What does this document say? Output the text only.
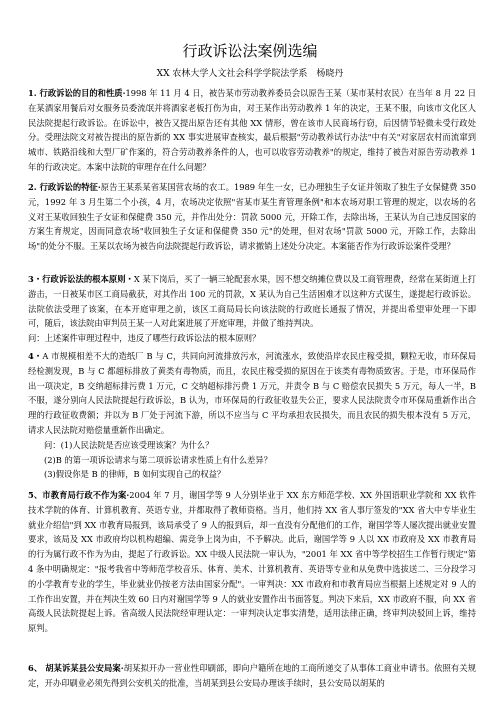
行政诉讼法案例选编
XX 农林大学人文社会科学学院法学系　杨晓丹
1. 行政诉讼的目的和性质·1998 年 11 月 4 日，被告某市劳动教养委员会以原告王某（某市某村农民）在当年 8 月 22 日在某酒家用餐后对女服务员委流氓并将酒家老板打伤为由，对王某作出劳动教养 1 年的决定，王某不服，向该市文化区人民法院提起行政诉讼。在诉讼中，被告又提出原告还有其他 XX 情形，曾在该市人民商场行窃，后因情节轻微未受行政处分。受理法院文对被告提出的原告新的 XX 事实进展审查核实，最后根据"劳动教养试行办法"中有关"对家居农村而流窜到城市、铁路沿线和大型厂矿作案的，符合劳动教养条件的人，也可以收容劳动教养"的规定，维持了被告对原告劳动教养 1 年的行政决定。本案中法院的审理存在什么问题？
2. 行政诉讼的特征·原告王某系某省某国营农场的农工。1989 年生一女，已办理独生子女证并领取了独生子女保健费 350 元，1992 年 3 月生第二个小孩，4 月，农场决定依照"省某市某生育管理条例"和本农场对职工管理的规定，以农场的名义对王某收回独生子女证和保健费 350 元，并作出处分：罚款 5000 元，开除工作，去除出场，王某认为自己违反国家的方案生育规定，因而同意农场"收回独生子女证和保健费 350 元"的处理，但对农场"罚款 5000 元，开除工作，去除出场"的处分不服。王某以农场为被告向法院提起行政诉讼，请求撤销上述处分决定。本案能否作为行政诉讼案件受理？
3・行政诉讼法的根本原则・X 某下岗后，买了一辆三轮配套水果，因不想交纳摊位费以及工商管理费，经常在某街道上打游击，一日被某市区工商局截获，对其作出 100 元的罚款，X 某认为自己生活困难才以这种方式谋生，遂提起行政诉讼。法院依法受理了该案，在本开庭审理之前，该区工商局局长向该法院的行政庭长通报了情况，并提出希望审处理一下即可，随后，该法院由审判员王某一人对此案进展了开庭审理，并做了维持判决。
问：上述案件审理过程中，违反了哪些行政诉讼法的根本原则？
4・A 市规模相差不大的造纸厂 B 与 C，共同向河流排放污水，河流涨水，致使沿岸农民庄稼受损，颗粒无收，市环保局经检测发现，B 与 C 都超标排放了黄类有毒物质，而且，农民庄稼受损的原因在于该类有毒物质致害。于是，市环保局作出一项决定，B 交纳超标排污费 1 万元，C 交纳超标排污费 1 万元，并责令 B 与 C 赔偿农民损失 5 万元，每人一半，B 不服，遂分别向人民法院提起行政诉讼，B 认为，市环保局的行政征收显失公正，要求人民法院责令市环保局重新作出合理的行政征收费额；并以为 B 厂处于河流下游，所以不应当与 C 平均承担农民损失，而且农民的损失根本没有 5 万元，请求人民法院对赔偿量重新作出确定。
问：(1)人民法院是否应该受理该案？为什么？
(2)B 的第一项诉讼请求与第二项诉讼请求性质上有什么差异？
(3)假设你是 B 的律师，B 如何实现自己的权益？
5、市教育局行政不作为案·2004 年 7 月，谢国学等 9 人分别毕业于 XX 东方师范学校、XX 外国语职业学院和 XX 软件技术学院的体育、计算机教育、英语专业，并都取得了教师资格。当月，他们持 XX 省人事厅签发的"XX 省大中专毕业生就业介绍信"到 XX 市教育局报到，该局承受了 9 人的报到后，却一直没有分配他们的工作，谢国学等人屡次提出就业安置要求，该局及 XX 市政府均以机构超编、需竞争上岗为由，不予解决。此后，谢国学等 9 人以 XX 市政府及 XX 市教育局的行为属行政不作为为由，提起了行政诉讼。XX 中级人民法院一审认为，"2001 年 XX 省中等学校招生工作暂行规定"第 4 条中明确规定："报考我省中等师范学校音乐、体育、美术、计算机教育、英语等专业和从免费中选拔送二、三分段学习的小学教育专业的学生，毕业就业仍按老方法由国家分配"。一审判决：XX 市政府和市教育局应当根据上述规定对 9 人的工作作出安置，并在判决生效 60 日内对谢国学等 9 人的就业安置作出书面答复。判决下来后，XX 市政府不服，向 XX 省高级人民法院提起上诉。省高级人民法院经审理认定：一审判决认定事实清楚，适用法律正确，终审判决驳回上诉，维持原判。
6、 胡某诉某县公安局案·胡某拟开办一营业性印刷部，即向户籍所在地的工商所递交了从事体工商业申请书。依照有关规定，开办印刷业必须先得到公安机关的批准，当胡某到县公安局办理该手续时，县公安局以胡某的
